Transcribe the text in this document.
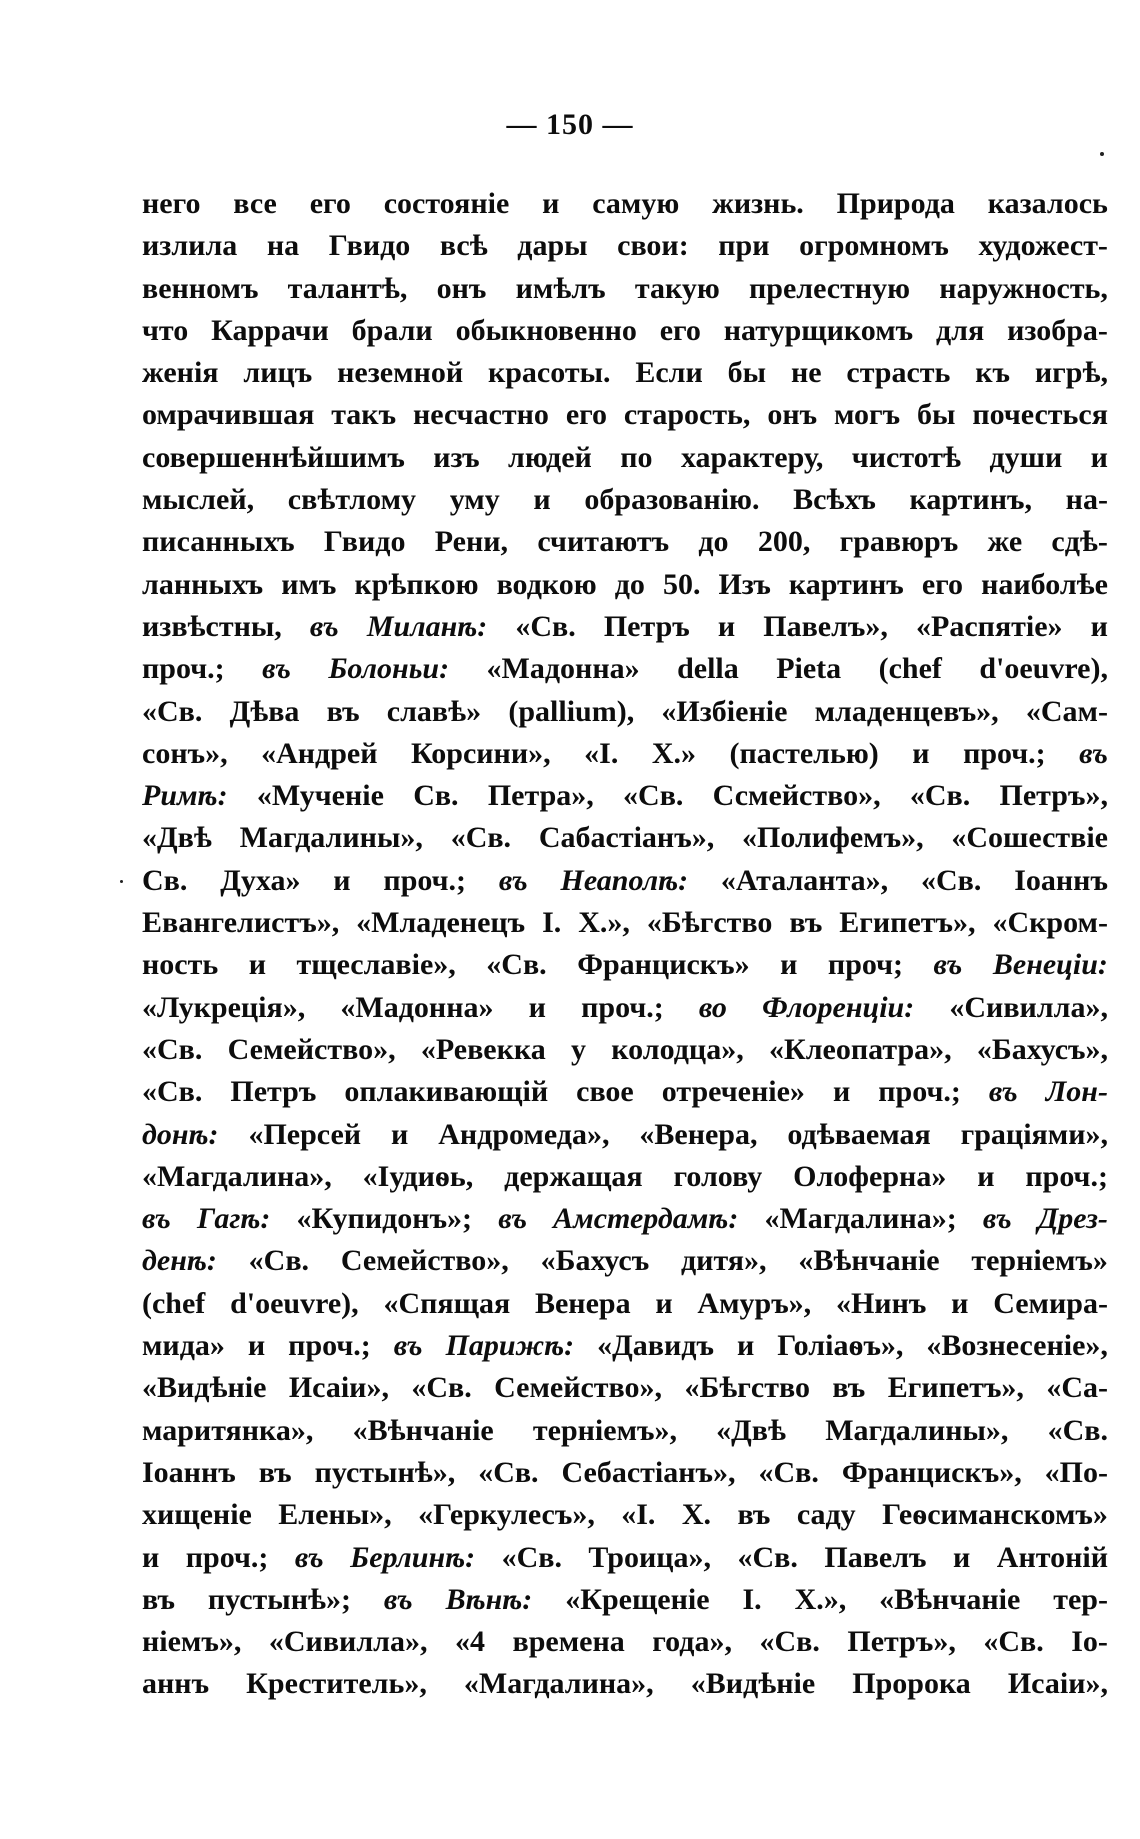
— 150 —
него все его состояніе и самую жизнь. Природа казалось
излила на Гвидо всѣ дары свои: при огромномъ художест-
венномъ талантѣ, онъ имѣлъ такую прелестную наружность,
что Каррачи брали обыкновенно его натурщикомъ для изобра-
женія лицъ неземной красоты. Если бы не страсть къ игрѣ,
омрачившая такъ несчастно его старость, онъ могъ бы почесться
совершеннѣйшимъ изъ людей по характеру, чистотѣ души и
мыслей, свѣтлому уму и образованію. Всѣхъ картинъ, на-
писанныхъ Гвидо Рени, считаютъ до 200, гравюръ же сдѣ-
ланныхъ имъ крѣпкою водкою до 50. Изъ картинъ его наиболѣе
извѣстны, въ Миланѣ: «Св. Петръ и Павелъ», «Распятіе» и
проч.; въ Болоньи: «Мадонна» della Pieta (chef d'oeuvre),
«Св. Дѣва въ славѣ» (pallium), «Избіеніе младенцевъ», «Сам-
сонъ», «Андрей Корсини», «І. Х.» (пастелью) и проч.; въ
Римѣ: «Мученіе Св. Петра», «Св. Ссмейство», «Св. Петръ»,
«Двѣ Магдалины», «Св. Сабастіанъ», «Полифемъ», «Сошествіе
Св. Духа» и проч.; въ Неаполѣ: «Аталанта», «Св. Іоаннъ
Евангелистъ», «Младенецъ І. Х.», «Бѣгство въ Египетъ», «Скром-
ность и тщеславіе», «Св. Францискъ» и проч; въ Венеціи:
«Лукреція», «Мадонна» и проч.; во Флоренціи: «Сивилла»,
«Св. Семейство», «Ревекка у колодца», «Клеопатра», «Бахусъ»,
«Св. Петръ оплакивающій свое отреченіе» и проч.; въ Лон-
донѣ: «Персей и Андромеда», «Венера, одѣваемая граціями»,
«Магдалина», «Іудиѳь, держащая голову Олоферна» и проч.;
въ Гагѣ: «Купидонъ»; въ Амстердамѣ: «Магдалина»; въ Дрез-
денѣ: «Св. Семейство», «Бахусъ дитя», «Вѣнчаніе терніемъ»
(chef d'oeuvre), «Спящая Венера и Амуръ», «Нинъ и Семира-
мида» и проч.; въ Парижѣ: «Давидъ и Голіаѳъ», «Вознесеніе»,
«Видѣніе Исаіи», «Св. Семейство», «Бѣгство въ Египетъ», «Са-
маритянка», «Вѣнчаніе терніемъ», «Двѣ Магдалины», «Св.
Іоаннъ въ пустынѣ», «Св. Себастіанъ», «Св. Францискъ», «По-
хищеніе Елены», «Геркулесъ», «І. Х. въ саду Геѳсиманскомъ»
и проч.; въ Берлинѣ: «Св. Троица», «Св. Павелъ и Антоній
въ пустынѣ»; въ Вѣнѣ: «Крещеніе І. Х.», «Вѣнчаніе тер-
ніемъ», «Сивилла», «4 времена года», «Св. Петръ», «Св. Іо-
аннъ Креститель», «Магдалина», «Видѣніе Пророка Исаіи»,
